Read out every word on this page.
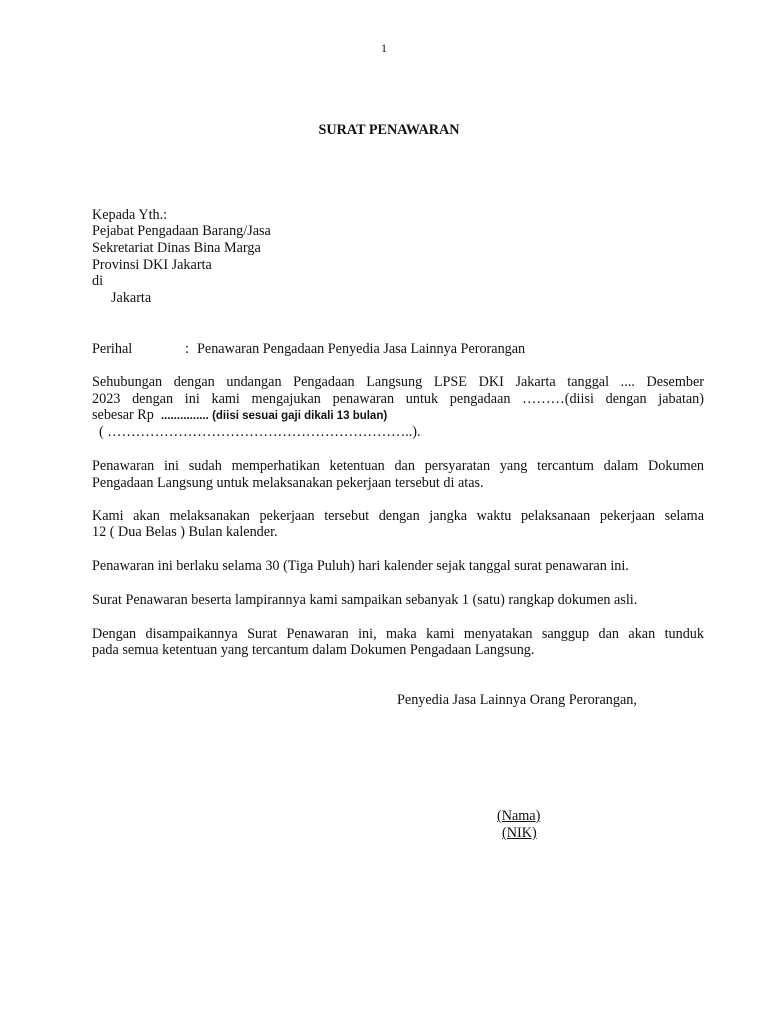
1
SURAT PENAWARAN
Kepada Yth.:
Pejabat Pengadaan Barang/Jasa
Sekretariat Dinas Bina Marga
Provinsi DKI Jakarta
di
Jakarta
Perihal	: Penawaran Pengadaan Penyedia Jasa Lainnya Perorangan
Sehubungan dengan undangan Pengadaan Langsung LPSE DKI Jakarta tanggal .... Desember
2023 dengan ini kami mengajukan penawaran untuk pengadaan ………(diisi dengan jabatan)
sebesar Rp ............... (diisi sesuai gaji dikali 13 bulan)
( ………………………………………………………..).
Penawaran ini sudah memperhatikan ketentuan dan persyaratan yang tercantum dalam Dokumen
Pengadaan Langsung untuk melaksanakan pekerjaan tersebut di atas.
Kami akan melaksanakan pekerjaan tersebut dengan jangka waktu pelaksanaan pekerjaan selama
12 ( Dua Belas ) Bulan kalender.
Penawaran ini berlaku selama 30 (Tiga Puluh) hari kalender sejak tanggal surat penawaran ini.
Surat Penawaran beserta lampirannya kami sampaikan sebanyak 1 (satu) rangkap dokumen asli.
Dengan disampaikannya Surat Penawaran ini, maka kami menyatakan sanggup dan akan tunduk
pada semua ketentuan yang tercantum dalam Dokumen Pengadaan Langsung.
Penyedia Jasa Lainnya Orang Perorangan,
(Nama)
(NIK)
